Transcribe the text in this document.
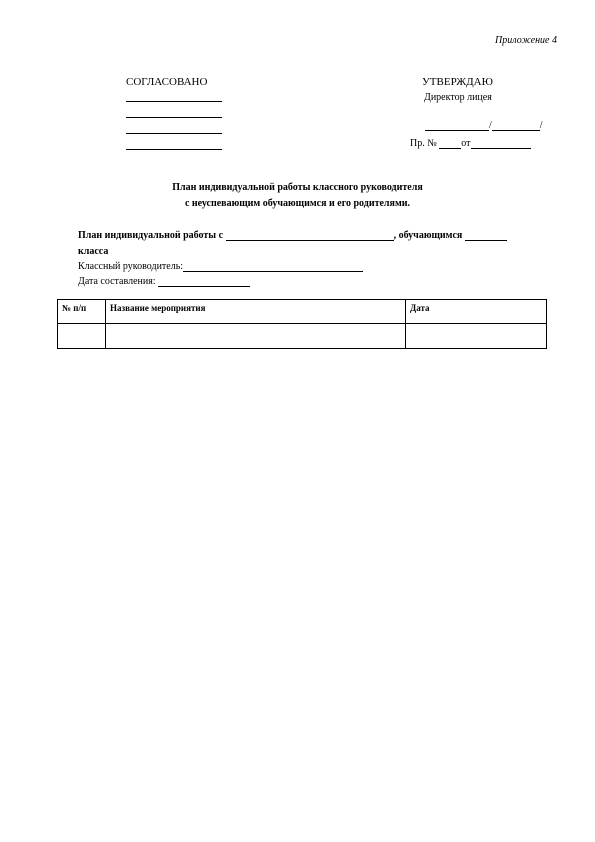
Приложение 4
СОГЛАСОВАНО	УТВЕРЖДАЮ
Директор лицея
/	/
Пр. № от
План индивидуальной работы классного руководителя
с неуспевающим обучающимся и его родителями.
План индивидуальной работы с	, обучающимся
класса
Классный руководитель:
Дата составления:
№ п/п	Название мероприятия	Дата
